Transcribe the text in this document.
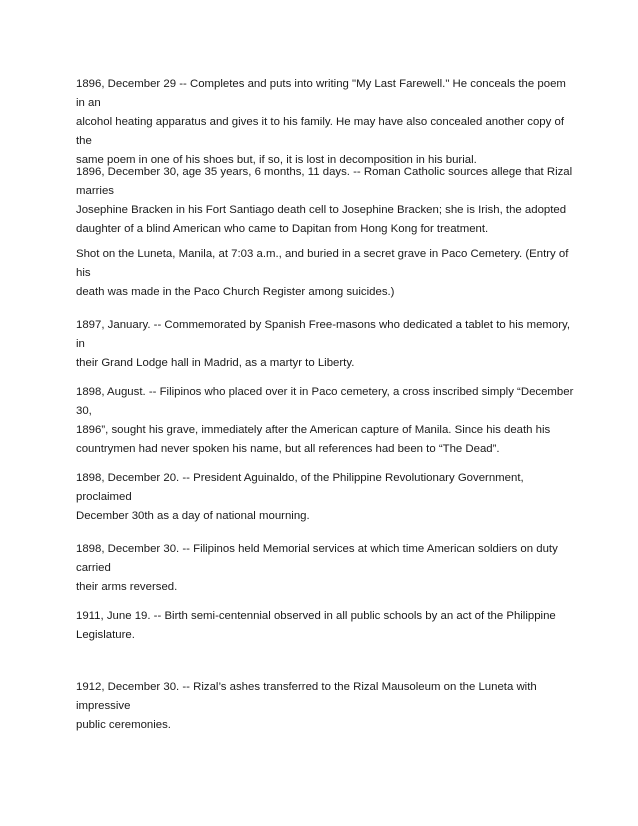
1896, December 29 -- Completes and puts into writing "My Last Farewell." He conceals the poem in an
alcohol heating apparatus and gives it to his family. He may have also concealed another copy of the
same poem in one of his shoes but, if so, it is lost in decomposition in his burial.

1896, December 30, age 35 years, 6 months, 11 days. -- Roman Catholic sources allege that Rizal marries
Josephine Bracken in his Fort Santiago death cell to Josephine Bracken; she is Irish, the adopted
daughter of a blind American who came to Dapitan from Hong Kong for treatment.

Shot on the Luneta, Manila, at 7:03 a.m., and buried in a secret grave in Paco Cemetery. (Entry of his
death was made in the Paco Church Register among suicides.)

1897, January. -- Commemorated by Spanish Free-masons who dedicated a tablet to his memory, in
their Grand Lodge hall in Madrid, as a martyr to Liberty.

1898, August. -- Filipinos who placed over it in Paco cemetery, a cross inscribed simply “December 30,
1896”, sought his grave, immediately after the American capture of Manila. Since his death his
countrymen had never spoken his name, but all references had been to “The Dead”.

1898, December 20. -- President Aguinaldo, of the Philippine Revolutionary Government, proclaimed
December 30th as a day of national mourning.

1898, December 30. -- Filipinos held Memorial services at which time American soldiers on duty carried
their arms reversed.

1911, June 19. -- Birth semi-centennial observed in all public schools by an act of the Philippine
Legislature.

1912, December 30. -- Rizal’s ashes transferred to the Rizal Mausoleum on the Luneta with impressive
public ceremonies.
